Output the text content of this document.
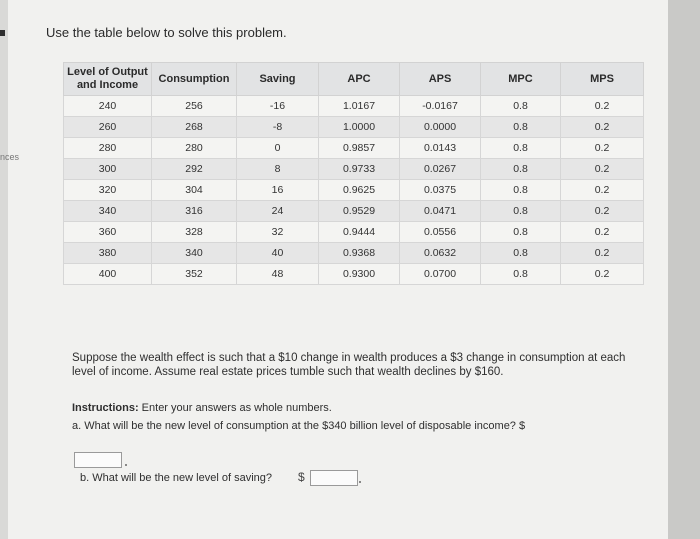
nces
Use the table below to solve this problem.
Level of Output and Income	Consumption	Saving	APC	APS	MPC	MPS
240	256	-16	1.0167	-0.0167	0.8	0.2
260	268	-8	1.0000	0.0000	0.8	0.2
280	280	0	0.9857	0.0143	0.8	0.2
300	292	8	0.9733	0.0267	0.8	0.2
320	304	16	0.9625	0.0375	0.8	0.2
340	316	24	0.9529	0.0471	0.8	0.2
360	328	32	0.9444	0.0556	0.8	0.2
380	340	40	0.9368	0.0632	0.8	0.2
400	352	48	0.9300	0.0700	0.8	0.2
Suppose the wealth effect is such that a $10 change in wealth produces a $3 change in consumption at each level of income. Assume real estate prices tumble such that wealth declines by $160.
Instructions: Enter your answers as whole numbers.
a. What will be the new level of consumption at the $340 billion level of disposable income? $
b. What will be the new level of saving? $
